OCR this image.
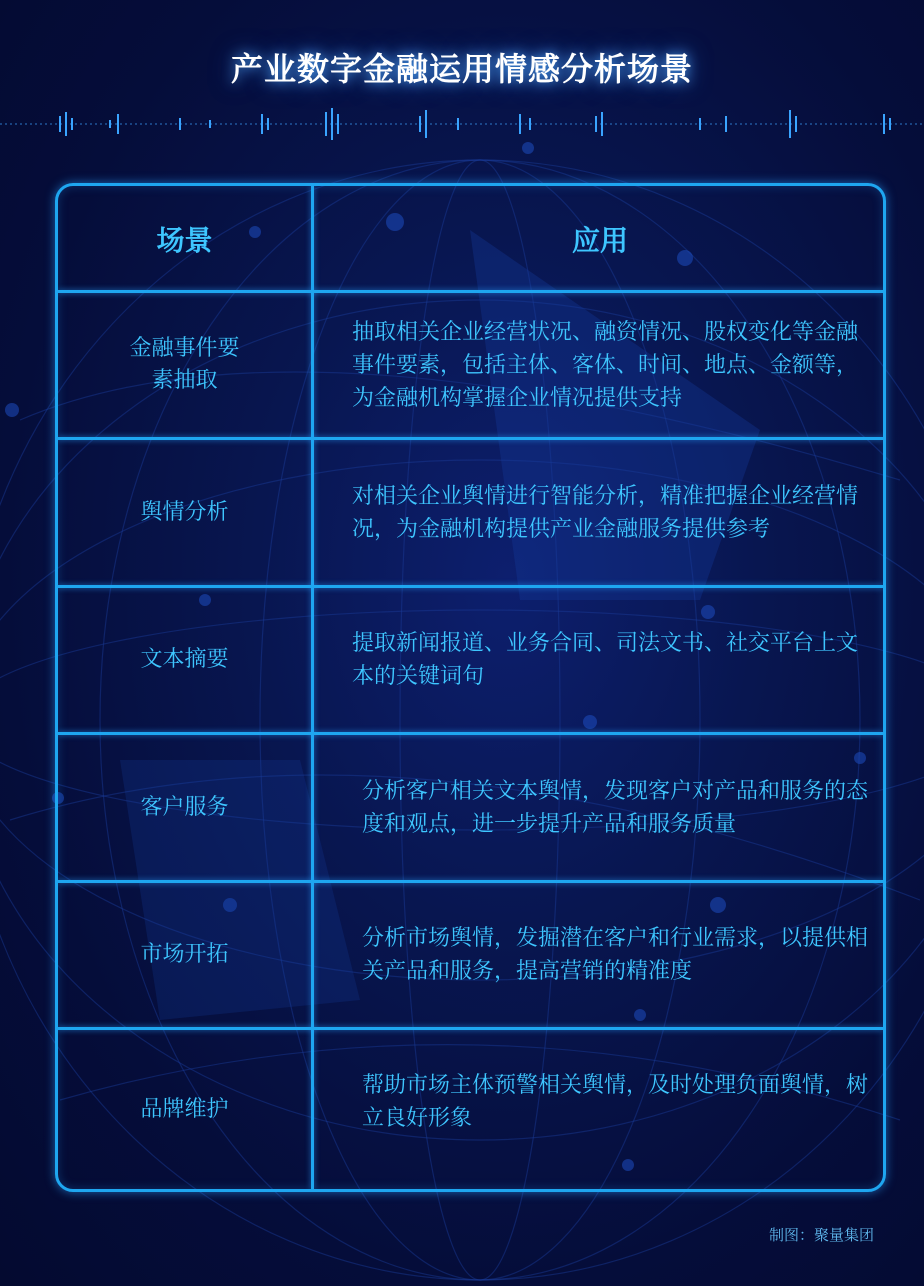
产业数字金融运用情感分析场景
场景	应用
金融事件要素抽取
抽取相关企业经营状况、融资情况、股权变化等金融事件要素，包括主体、客体、时间、地点、金额等，为金融机构掌握企业情况提供支持
舆情分析
对相关企业舆情进行智能分析，精准把握企业经营情况，为金融机构提供产业金融服务提供参考
文本摘要
提取新闻报道、业务合同、司法文书、社交平台上文本的关键词句
客户服务
分析客户相关文本舆情，发现客户对产品和服务的态度和观点，进一步提升产品和服务质量
市场开拓
分析市场舆情，发掘潜在客户和行业需求，以提供相关产品和服务，提高营销的精准度
品牌维护
帮助市场主体预警相关舆情，及时处理负面舆情，树立良好形象
制图：聚量集团
